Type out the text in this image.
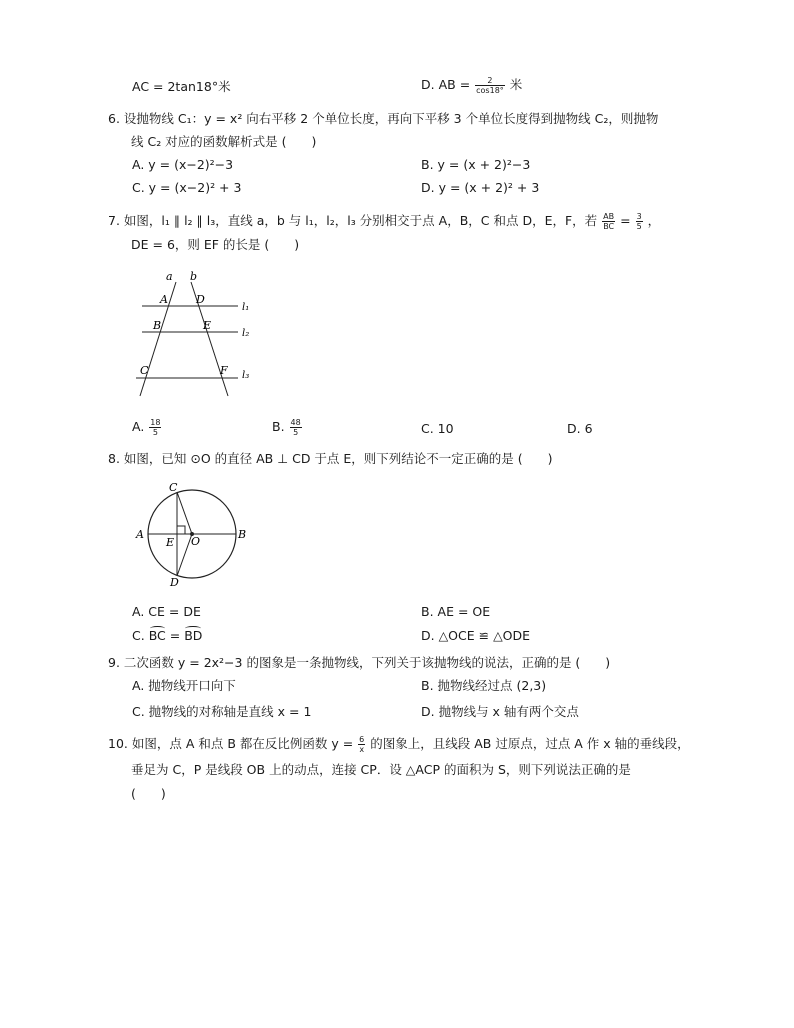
AC = 2tan18°米	D. AB = $\frac{2}{\cos 18^\circ}$ 米
6. 设抛物线 C₁：y = x² 向右平移 2 个单位长度，再向下平移 3 个单位长度得到抛物线 C₂，则抛物
线 C₂ 对应的函数解析式是 (　　)
A. y = (x−2)²−3	B. y = (x + 2)²−3
C. y = (x−2)² + 3	D. y = (x + 2)² + 3
7. 如图，l₁ ∥ l₂ ∥ l₃，直线 a，b 与 l₁，l₂，l₃ 分别相交于点 A，B，C 和点 D，E，F，若 $\frac{AB}{BC} = \frac{3}{5}$ ，
DE = 6，则 EF 的长是 (　　)
a b
A	D
B	E
C	F
l₁
l₂
l₃
A. $\frac{18}{5}$	B. $\frac{48}{5}$	C. 10	D. 6
8. 如图，已知 ⊙O 的直径 AB ⊥ CD 于点 E，则下列结论不一定正确的是 (　　)
A	B
C
D
E O
A. CE = DE	B. AE = OE
C. BC = BD	D. △OCE ≌ △ODE
9. 二次函数 y = 2x²−3 的图象是一条抛物线，下列关于该抛物线的说法，正确的是 (　　)
A. 抛物线开口向下	B. 抛物线经过点 (2,3)
C. 抛物线的对称轴是直线 x = 1	D. 抛物线与 x 轴有两个交点
10. 如图，点 A 和点 B 都在反比例函数 $y = \frac{6}{x}$ 的图象上，且线段 AB 过原点，过点 A 作 x 轴的垂线段，
垂足为 C，P 是线段 OB 上的动点，连接 CP．设 △ACP 的面积为 S，则下列说法正确的是
(　　)
